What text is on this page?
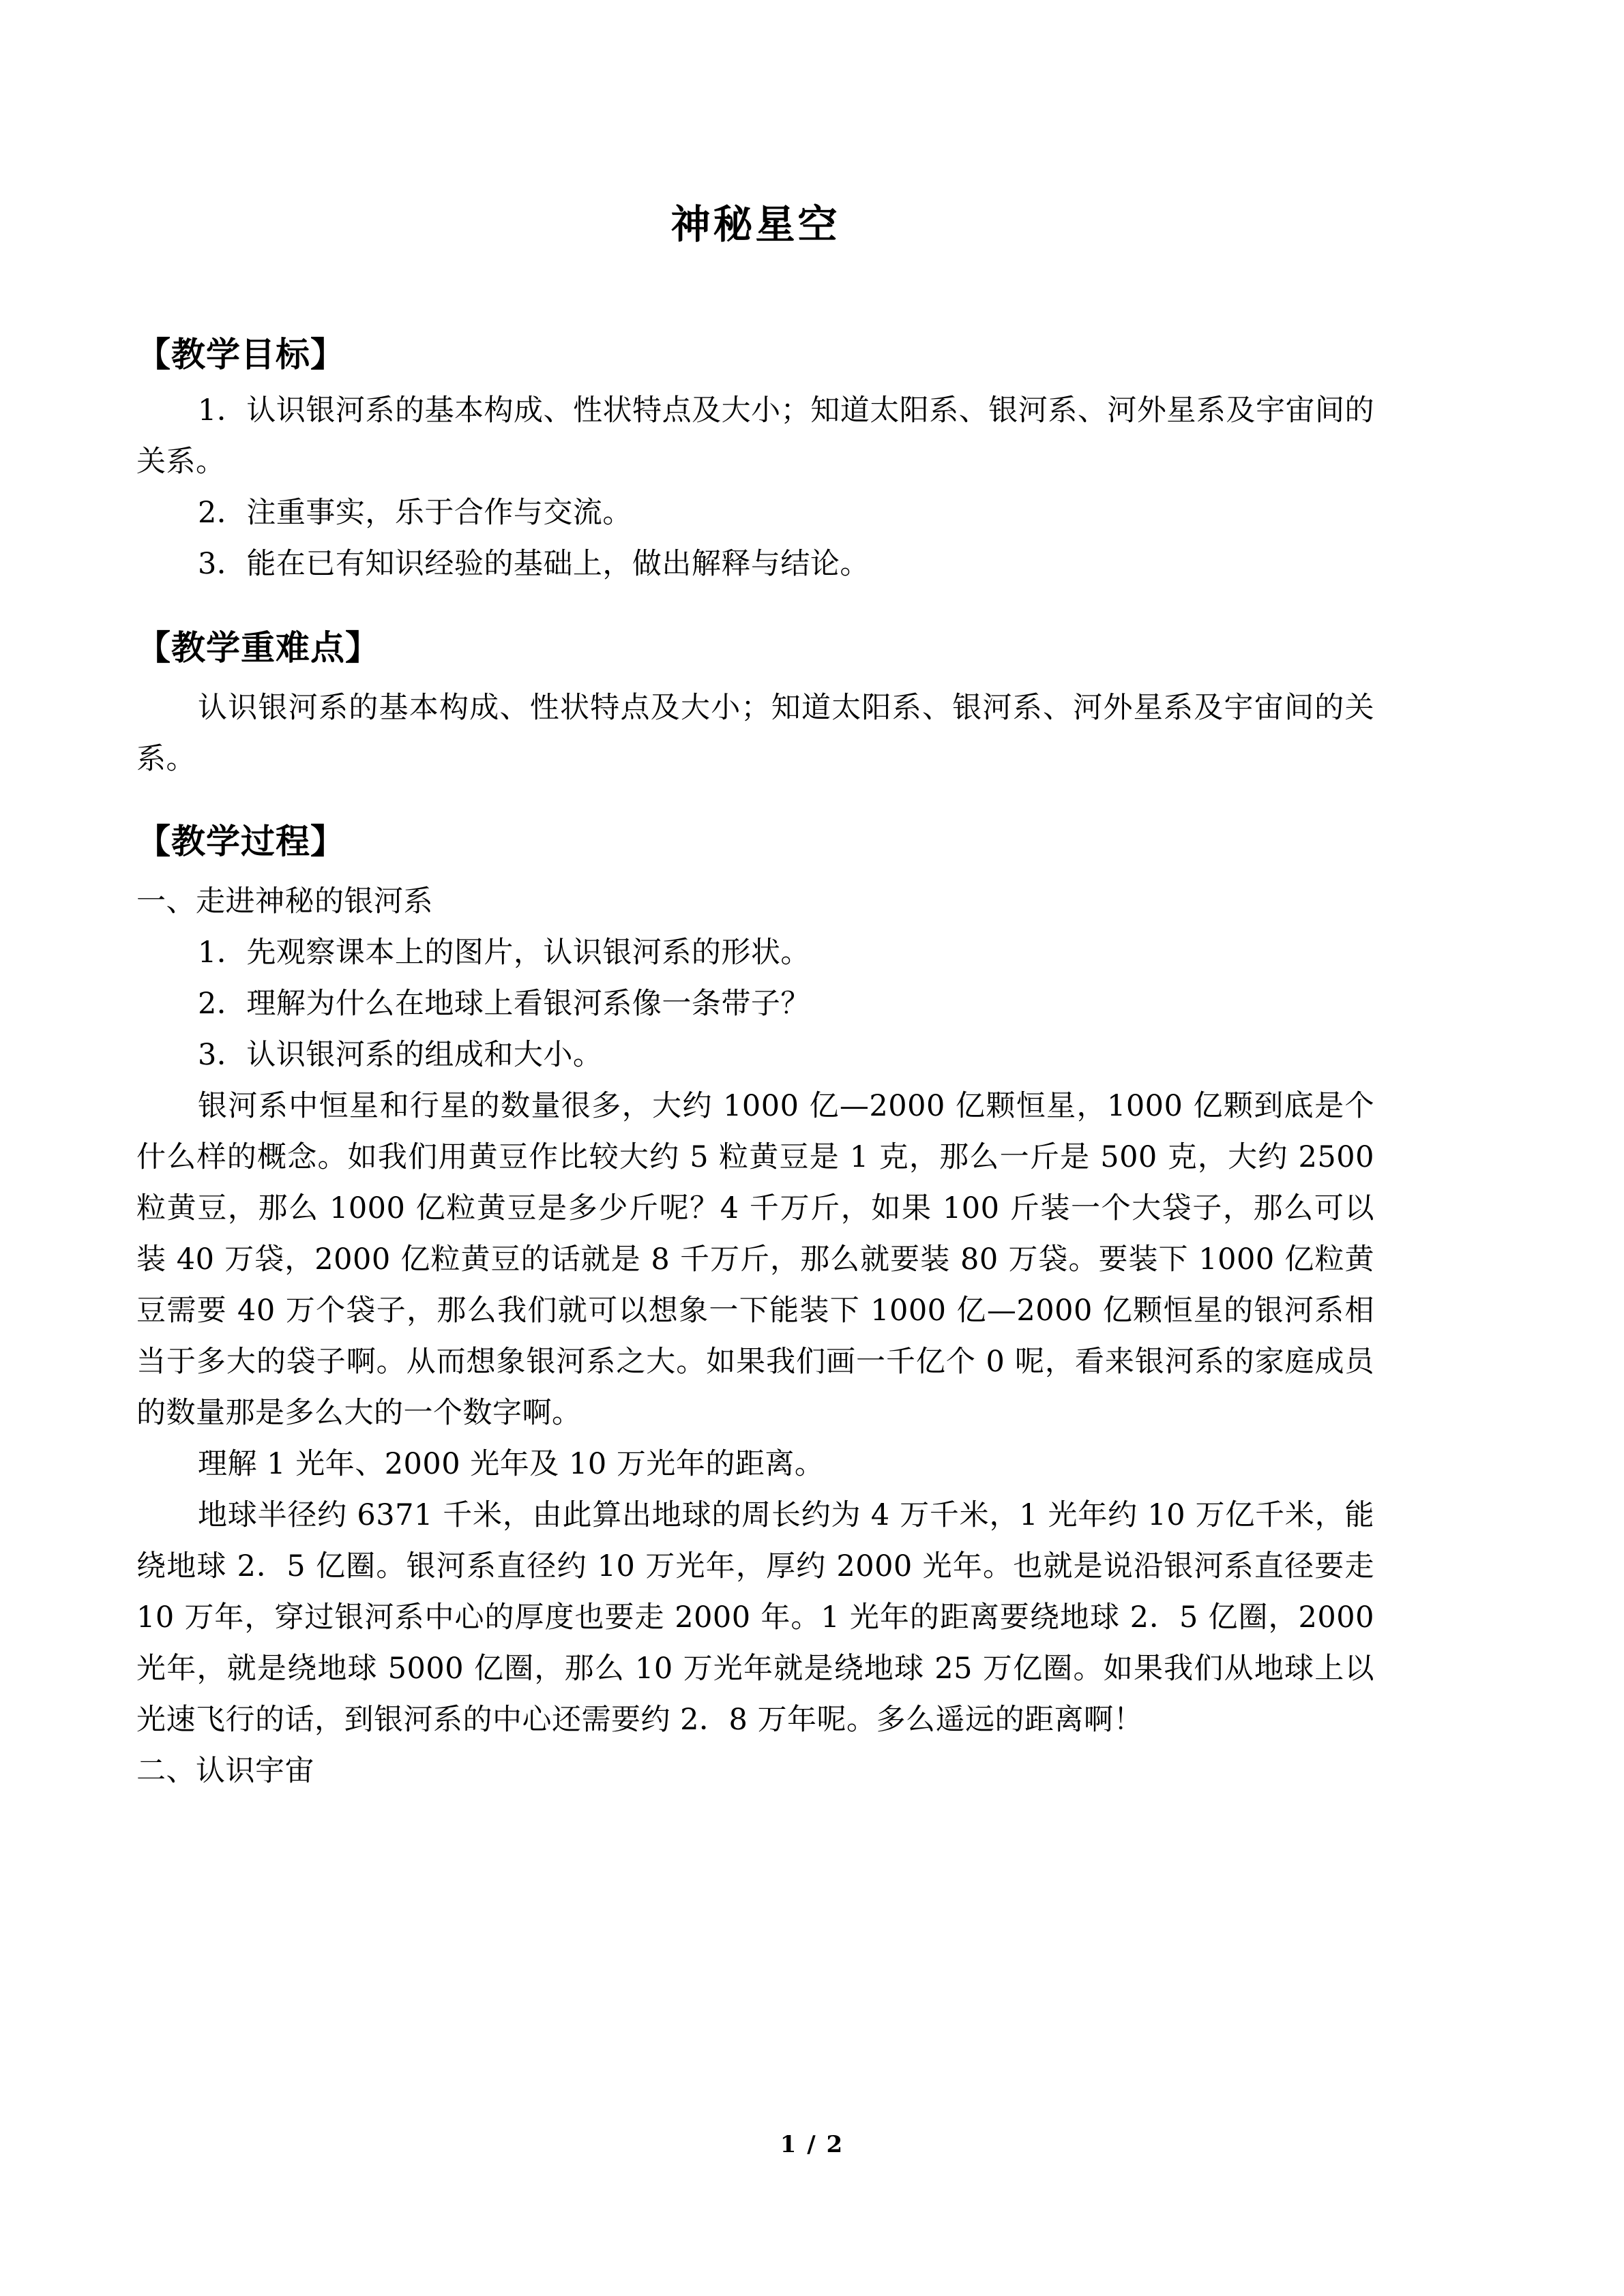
神秘星空
【教学目标】

1．认识银河系的基本构成、性状特点及大小；知道太阳系、银河系、河外星系及宇宙间的关系。

2．注重事实，乐于合作与交流。

3．能在已有知识经验的基础上，做出解释与结论。

【教学重难点】

认识银河系的基本构成、性状特点及大小；知道太阳系、银河系、河外星系及宇宙间的关系。

【教学过程】

一、走进神秘的银河系

1．先观察课本上的图片，认识银河系的形状。

2．理解为什么在地球上看银河系像一条带子？

3．认识银河系的组成和大小。

银河系中恒星和行星的数量很多，大约 1000 亿—2000 亿颗恒星，1000 亿颗到底是个什么样的概念。如我们用黄豆作比较大约 5 粒黄豆是 1 克，那么一斤是 500 克，大约 2500 粒黄豆，那么 1000 亿粒黄豆是多少斤呢？4 千万斤，如果 100 斤装一个大袋子，那么可以装 40 万袋，2000 亿粒黄豆的话就是 8 千万斤，那么就要装 80 万袋。要装下 1000 亿粒黄豆需要 40 万个袋子，那么我们就可以想象一下能装下 1000 亿—2000 亿颗恒星的银河系相当于多大的袋子啊。从而想象银河系之大。如果我们画一千亿个 0 呢，看来银河系的家庭成员的数量那是多么大的一个数字啊。

理解 1 光年、2000 光年及 10 万光年的距离。

地球半径约 6371 千米，由此算出地球的周长约为 4 万千米，1 光年约 10 万亿千米，能绕地球 2．5 亿圈。银河系直径约 10 万光年，厚约 2000 光年。也就是说沿银河系直径要走 10 万年，穿过银河系中心的厚度也要走 2000 年。1 光年的距离要绕地球 2．5 亿圈，2000 光年，就是绕地球 5000 亿圈，那么 10 万光年就是绕地球 25 万亿圈。如果我们从地球上以光速飞行的话，到银河系的中心还需要约 2．8 万年呢。多么遥远的距离啊！

二、认识宇宙

1 / 2
